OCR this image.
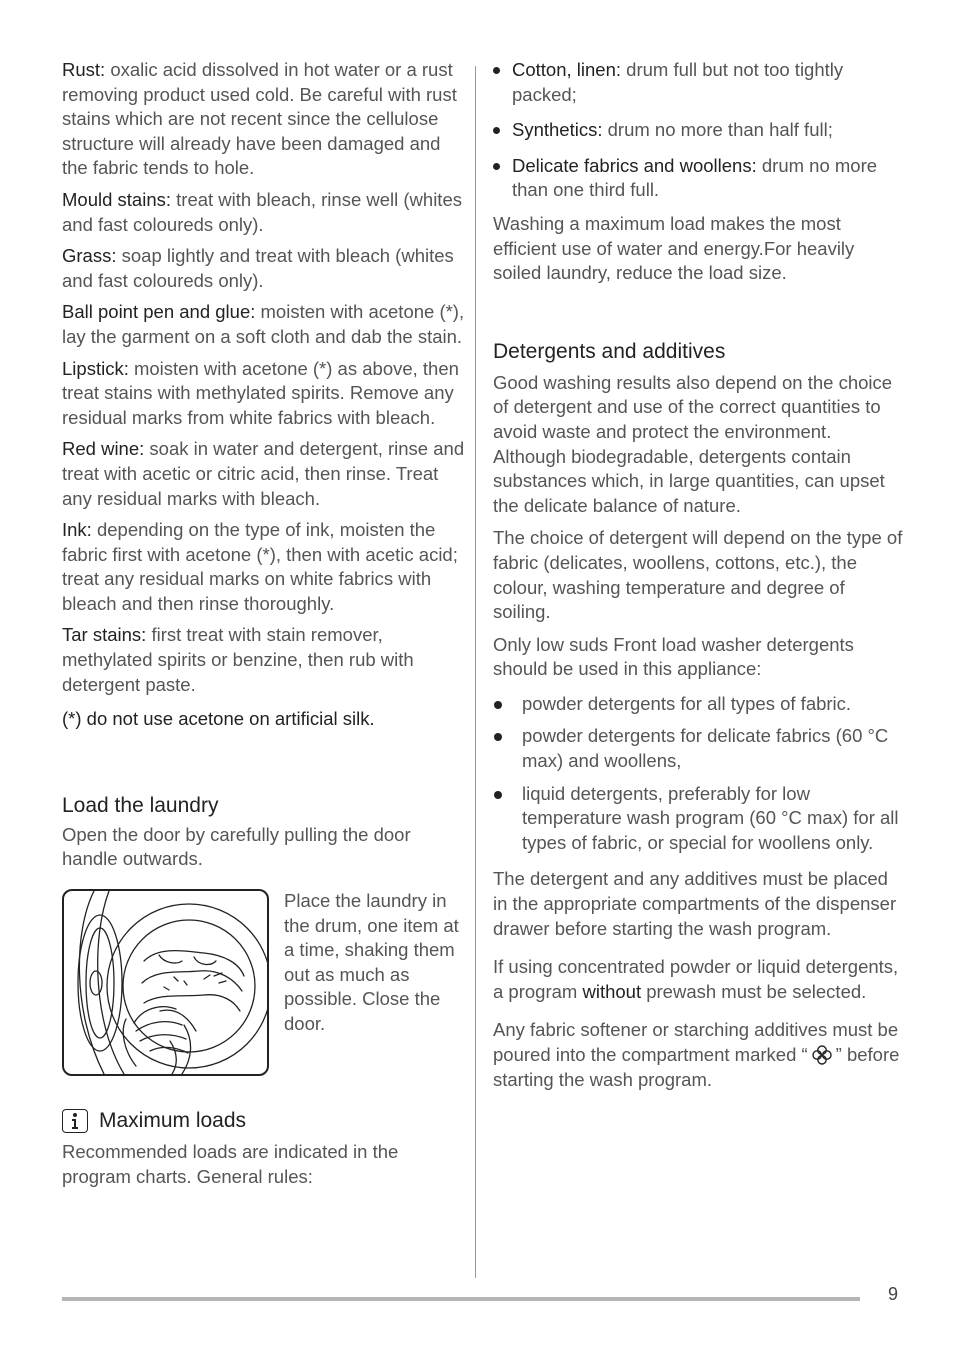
Rust: oxalic acid dissolved in hot water or a rust removing product used cold. Be careful with rust stains which are not recent since the cellulose structure will already have been damaged and the fabric tends to hole.

Mould stains: treat with bleach, rinse well (whites and fast coloureds only).

Grass: soap lightly and treat with bleach (whites and fast coloureds only).

Ball point pen and glue: moisten with acetone (*), lay the garment on a soft cloth and dab the stain.

Lipstick: moisten with acetone (*) as above, then treat stains with methylated spirits. Remove any residual marks from white fabrics with bleach.

Red wine: soak in water and detergent, rinse and treat with acetic or citric acid, then rinse. Treat any residual marks with bleach.

Ink: depending on the type of ink, moisten the fabric first with acetone (*), then with acetic acid; treat any residual marks on white fabrics with bleach and then rinse thoroughly.

Tar stains: first treat with stain remover, methylated spirits or benzine, then rub with detergent paste.

(*) do not use acetone on artificial silk.

Load the laundry

Open the door by carefully pulling the door handle outwards.

Place the laundry in the drum, one item at a time, shaking them out as much as possible. Close the door.

Maximum loads

Recommended loads are indicated in the program charts. General rules:

Cotton, linen: drum full but not too tightly packed;

Synthetics: drum no more than half full;

Delicate fabrics and woollens: drum no more than one third full.

Washing a maximum load makes the most efficient use of water and energy.For heavily soiled laundry, reduce the load size.

Detergents and additives

Good washing results also depend on the choice of detergent and use of the correct quantities to avoid waste and protect the environment. Although biodegradable, detergents contain substances which, in large quantities, can upset the delicate balance of nature.

The choice of detergent will depend on the type of fabric (delicates, woollens, cottons, etc.), the colour, washing temperature and degree of soiling.

Only low suds Front load washer detergents should be used in this appliance:

powder detergents for all types of fabric.

powder detergents for delicate fabrics (60 °C max) and woollens,

liquid detergents, preferably for low temperature wash program (60 °C max) for all types of fabric, or special for woollens only.

The detergent and any additives must be placed in the appropriate compartments of the dispenser drawer before starting the wash program.

If using concentrated powder or liquid detergents, a program without prewash must be selected.

Any fabric softener or starching additives must be poured into the compartment marked “ ” before starting the wash program.

9
